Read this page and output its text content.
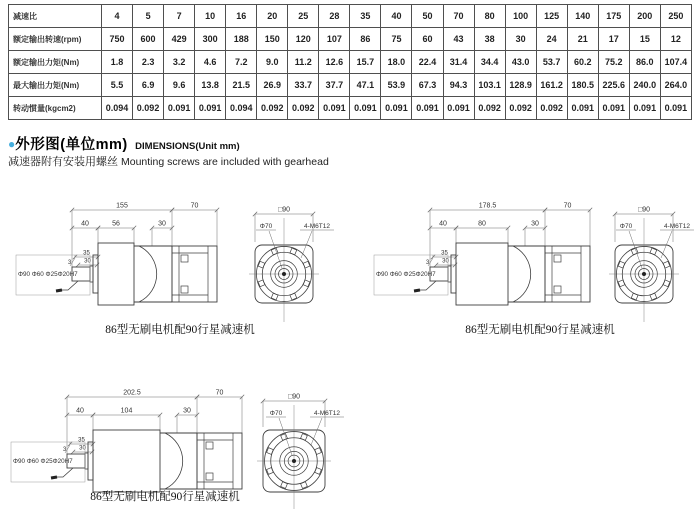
减速比	4	5	7	10	16	20	25	28	35	40	50	70	80	100	125	140	175	200	250
额定输出转速(rpm)	750	600	429	300	188	150	120	107	86	75	60	43	38	30	24	21	17	15	12
额定输出力矩(Nm)	1.8	2.3	3.2	4.6	7.2	9.0	11.2	12.6	15.7	18.0	22.4	31.4	34.4	43.0	53.7	60.2	75.2	86.0	107.4
最大输出力矩(Nm)	5.5	6.9	9.6	13.8	21.5	26.9	33.7	37.7	47.1	53.9	67.3	94.3	103.1	128.9	161.2	180.5	225.6	240.0	264.0
转动惯量(kgcm2)	0.094	0.092	0.091	0.091	0.094	0.092	0.092	0.091	0.091	0.091	0.091	0.091	0.092	0.092	0.092	0.091	0.091	0.091	0.091
●外形图(单位mm) DIMENSIONS(Unit mm)
减速器附有安装用螺丝 Mounting screws are included with gearhead
155	70
40	56	30
35
30
3
Φ90 Φ60 Φ25Φ20H7
□90
Φ70	4-M6T12
178.5	70
40	80	30
35
30
3
Φ90 Φ60 Φ25Φ20H7
□90
Φ70	4-M6T12
202.5	70
40	104	30
35
30
3
Φ90 Φ60 Φ25Φ20H7
□90
Φ70	4-M6T12
86型无刷电机配90行星减速机	86型无刷电机配90行星减速机
86型无刷电机配90行星减速机
